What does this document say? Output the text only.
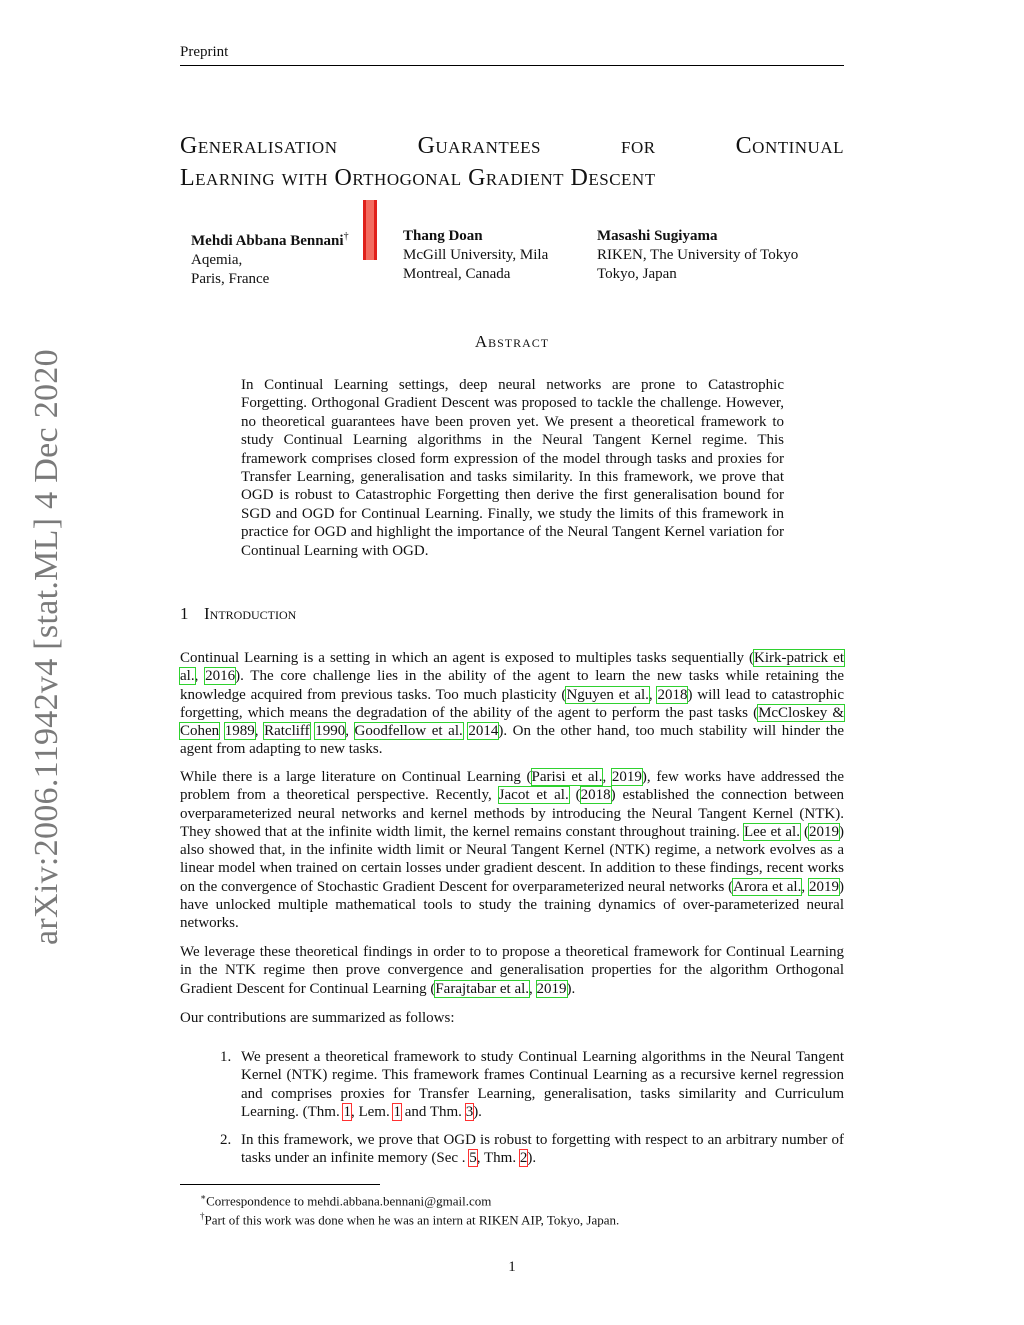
Preprint
arXiv:2006.11942v4 [stat.ML] 4 Dec 2020
Generalisation Guarantees for Continual
Learning with Orthogonal Gradient Descent
Mehdi Abbana Bennani†
Aqemia,
Paris, France
Thang Doan
McGill University, Mila
Montreal, Canada
Masashi Sugiyama
RIKEN, The University of Tokyo
Tokyo, Japan
Abstract
In Continual Learning settings, deep neural networks are prone to Catastrophic Forgetting. Orthogonal Gradient Descent was proposed to tackle the challenge. However, no theoretical guarantees have been proven yet. We present a theoretical framework to study Continual Learning algorithms in the Neural Tangent Kernel regime. This framework comprises closed form expression of the model through tasks and proxies for Transfer Learning, generalisation and tasks similarity. In this framework, we prove that OGD is robust to Catastrophic Forgetting then derive the first generalisation bound for SGD and OGD for Continual Learning. Finally, we study the limits of this framework in practice for OGD and highlight the importance of the Neural Tangent Kernel variation for Continual Learning with OGD.
1 Introduction
Continual Learning is a setting in which an agent is exposed to multiples tasks sequentially (Kirk-patrick et al., 2016). The core challenge lies in the ability of the agent to learn the new tasks while retaining the knowledge acquired from previous tasks. Too much plasticity (Nguyen et al., 2018) will lead to catastrophic forgetting, which means the degradation of the ability of the agent to perform the past tasks (McCloskey & Cohen 1989, Ratcliff 1990, Goodfellow et al. 2014). On the other hand, too much stability will hinder the agent from adapting to new tasks.
While there is a large literature on Continual Learning (Parisi et al., 2019), few works have addressed the problem from a theoretical perspective. Recently, Jacot et al. (2018) established the connection between overparameterized neural networks and kernel methods by introducing the Neural Tangent Kernel (NTK). They showed that at the infinite width limit, the kernel remains constant throughout training. Lee et al. (2019) also showed that, in the infinite width limit or Neural Tangent Kernel (NTK) regime, a network evolves as a linear model when trained on certain losses under gradient descent. In addition to these findings, recent works on the convergence of Stochastic Gradient Descent for overparameterized neural networks (Arora et al., 2019) have unlocked multiple mathematical tools to study the training dynamics of over-parameterized neural networks.
We leverage these theoretical findings in order to to propose a theoretical framework for Continual Learning in the NTK regime then prove convergence and generalisation properties for the algorithm Orthogonal Gradient Descent for Continual Learning (Farajtabar et al., 2019).
Our contributions are summarized as follows:
1. We present a theoretical framework to study Continual Learning algorithms in the Neural Tangent Kernel (NTK) regime. This framework frames Continual Learning as a recursive kernel regression and comprises proxies for Transfer Learning, generalisation, tasks similarity and Curriculum Learning. (Thm. 1, Lem. 1 and Thm. 3).
2. In this framework, we prove that OGD is robust to forgetting with respect to an arbitrary number of tasks under an infinite memory (Sec . 5, Thm. 2).
∗Correspondence to mehdi.abbana.bennani@gmail.com
†Part of this work was done when he was an intern at RIKEN AIP, Tokyo, Japan.
1
